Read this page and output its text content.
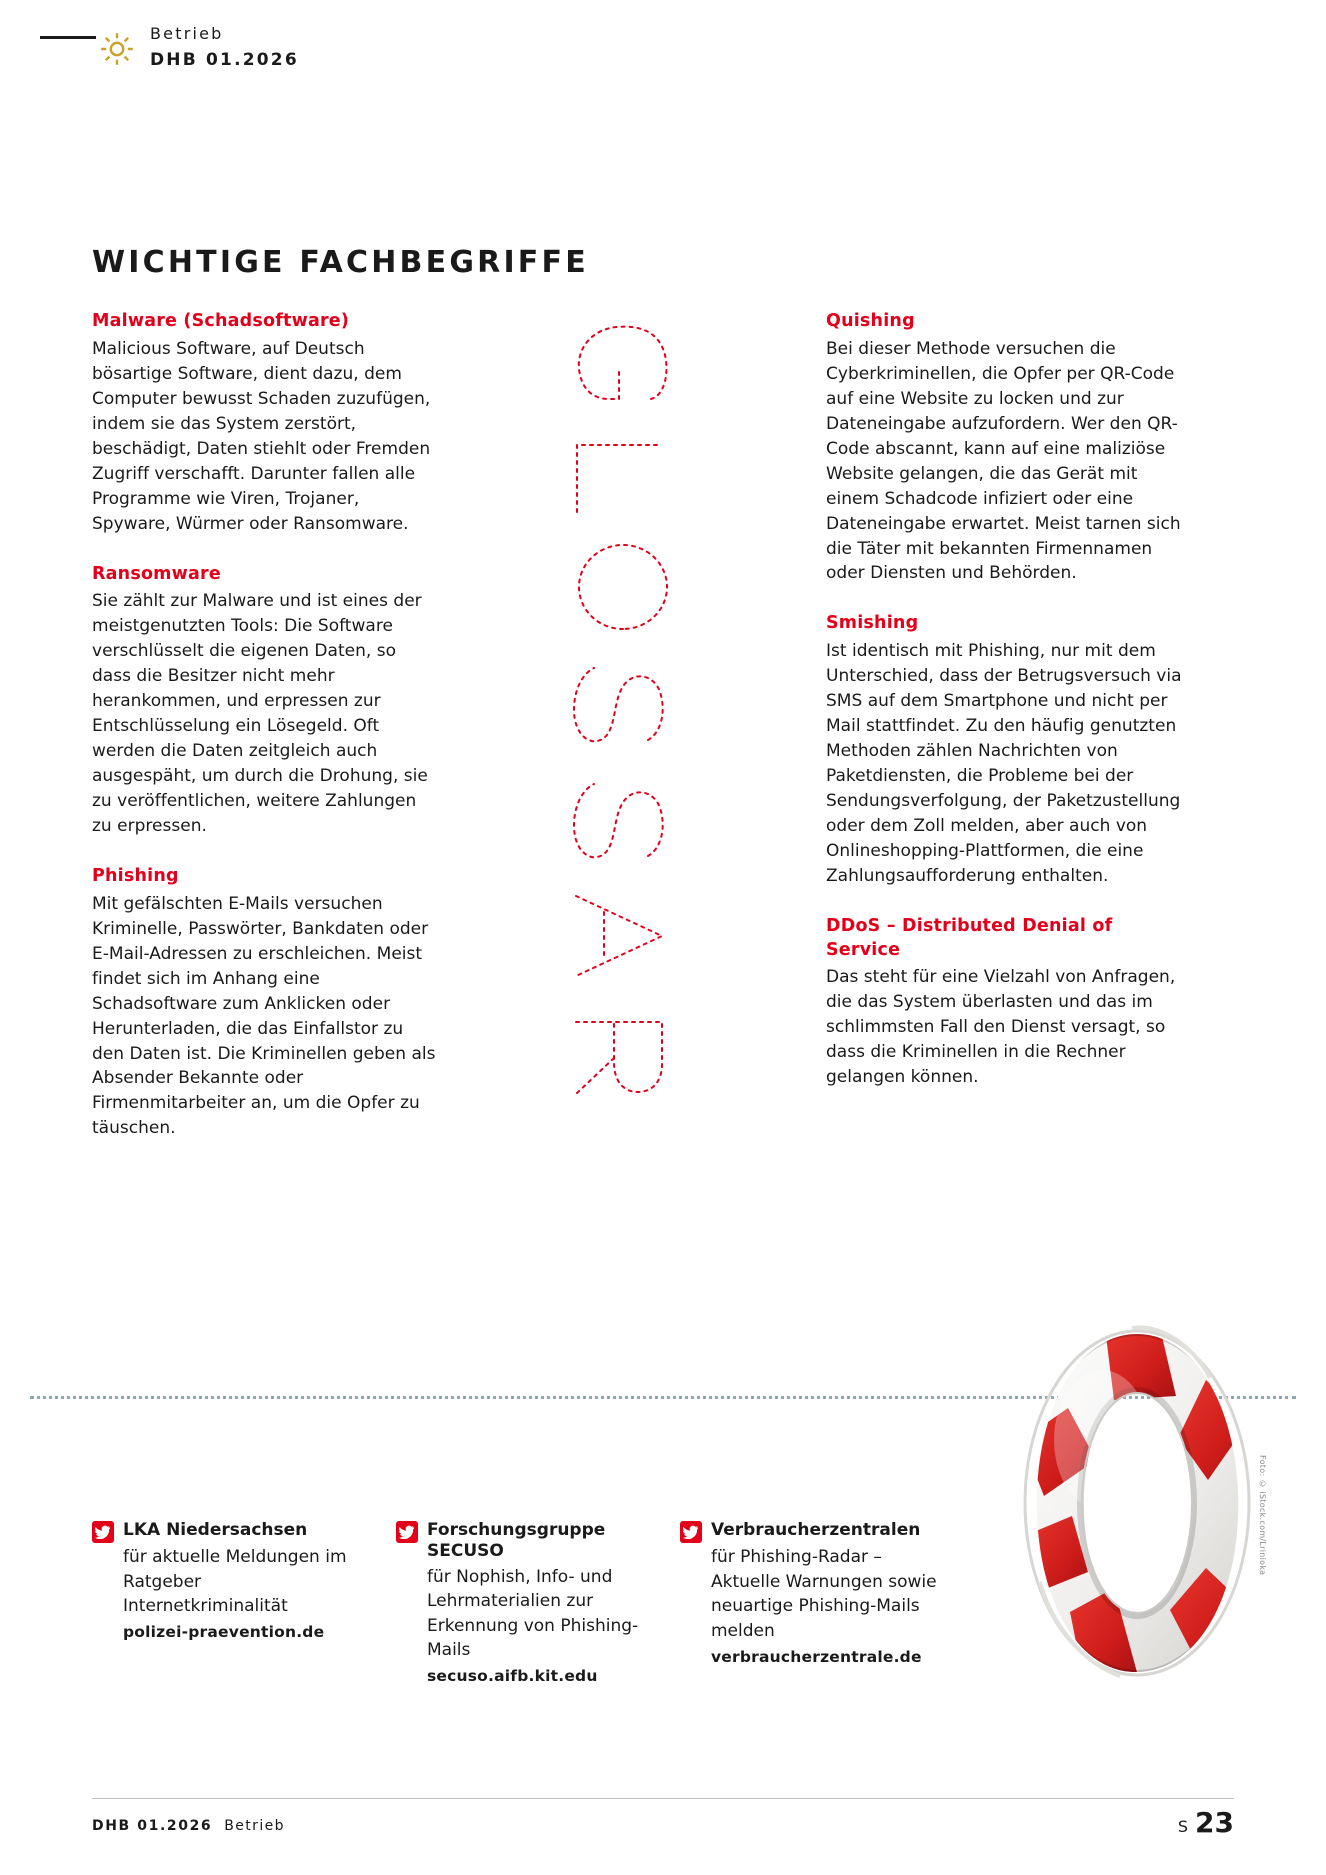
Betrieb
DHB 01.2026
WICHTIGE FACHBEGRIFFE
Malware (Schadsoftware)
Malicious Software, auf Deutsch bösartige Software, dient dazu, dem Computer bewusst Schaden zuzufügen, indem sie das System zerstört, beschädigt, Daten stiehlt oder Fremden Zugriff verschafft. Darunter fallen alle Programme wie Viren, Trojaner, Spyware, Würmer oder Ransomware.
Ransomware
Sie zählt zur Malware und ist eines der meistgenutzten Tools: Die Software verschlüsselt die eigenen Daten, so dass die Besitzer nicht mehr herankommen, und erpressen zur Entschlüsselung ein Lösegeld. Oft werden die Daten zeitgleich auch ausgespäht, um durch die Drohung, sie zu veröffentlichen, weitere Zahlungen zu erpressen.
Phishing
Mit gefälschten E-Mails versuchen Kriminelle, Passwörter, Bankdaten oder E-Mail-Adressen zu erschleichen. Meist findet sich im Anhang eine Schadsoftware zum Anklicken oder Herunterladen, die das Einfallstor zu den Daten ist. Die Kriminellen geben als Absender Bekannte oder Firmenmitarbeiter an, um die Opfer zu täuschen.
Quishing
Bei dieser Methode versuchen die Cyberkriminellen, die Opfer per QR-Code auf eine Website zu locken und zur Dateneingabe aufzufordern. Wer den QR-Code abscannt, kann auf eine maliziöse Website gelangen, die das Gerät mit einem Schadcode infiziert oder eine Dateneingabe erwartet. Meist tarnen sich die Täter mit bekannten Firmennamen oder Diensten und Behörden.
Smishing
Ist identisch mit Phishing, nur mit dem Unterschied, dass der Betrugsversuch via SMS auf dem Smartphone und nicht per Mail stattfindet. Zu den häufig genutzten Methoden zählen Nachrichten von Paketdiensten, die Probleme bei der Sendungsverfolgung, der Paketzustellung oder dem Zoll melden, aber auch von Onlineshopping-Plattformen, die eine Zahlungsaufforderung enthalten.
DDoS – Distributed Denial of Service
Das steht für eine Vielzahl von Anfragen, die das System überlasten und das im schlimmsten Fall den Dienst versagt, so dass die Kriminellen in die Rechner gelangen können.
Foto: © iStock.com/Lrinioka
LKA Niedersachsen
für aktuelle Meldungen im Ratgeber Internetkriminalität
polizei-praevention.de
Forschungsgruppe SECUSO
für Nophish, Info- und Lehrmaterialien zur Erkennung von Phishing-Mails
secuso.aifb.kit.edu
Verbraucherzentralen
für Phishing-Radar – Aktuelle Warnungen sowie neuartige Phishing-Mails melden
verbraucherzentrale.de
DHB 01.2026 Betrieb	S 23
